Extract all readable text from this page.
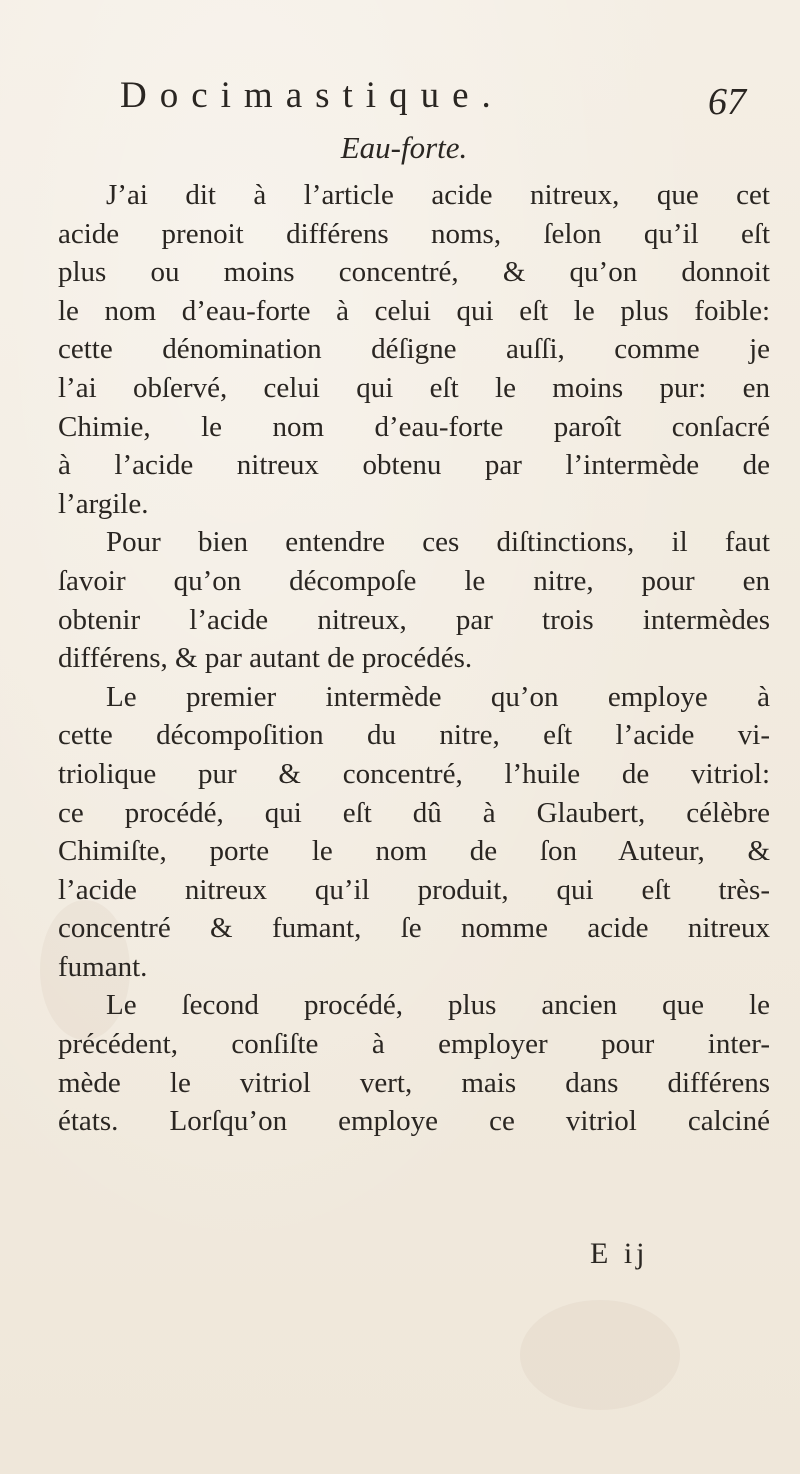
Docimastique.	67
Eau-forte.
J’ai dit à l’article acide nitreux, que cet
acide prenoit différens noms, ſelon qu’il eſt
plus ou moins concentré, & qu’on donnoit
le nom d’eau-forte à celui qui eſt le plus foible:
cette dénomination déſigne auſſi, comme je
l’ai obſervé, celui qui eſt le moins pur: en
Chimie, le nom d’eau-forte paroît conſacré
à l’acide nitreux obtenu par l’intermède de
l’argile.
Pour bien entendre ces diſtinctions, il faut
ſavoir qu’on décompoſe le nitre, pour en
obtenir l’acide nitreux, par trois intermèdes
différens, & par autant de procédés.
Le premier intermède qu’on employe à
cette décompoſition du nitre, eſt l’acide vi-
triolique pur & concentré, l’huile de vitriol:
ce procédé, qui eſt dû à Glaubert, célèbre
Chimiſte, porte le nom de ſon Auteur, &
l’acide nitreux qu’il produit, qui eſt très-
concentré & fumant, ſe nomme acide nitreux
fumant.
Le ſecond procédé, plus ancien que le
précédent, conſiſte à employer pour inter-
mède le vitriol vert, mais dans différens
états. Lorſqu’on employe ce vitriol calciné
E ij
